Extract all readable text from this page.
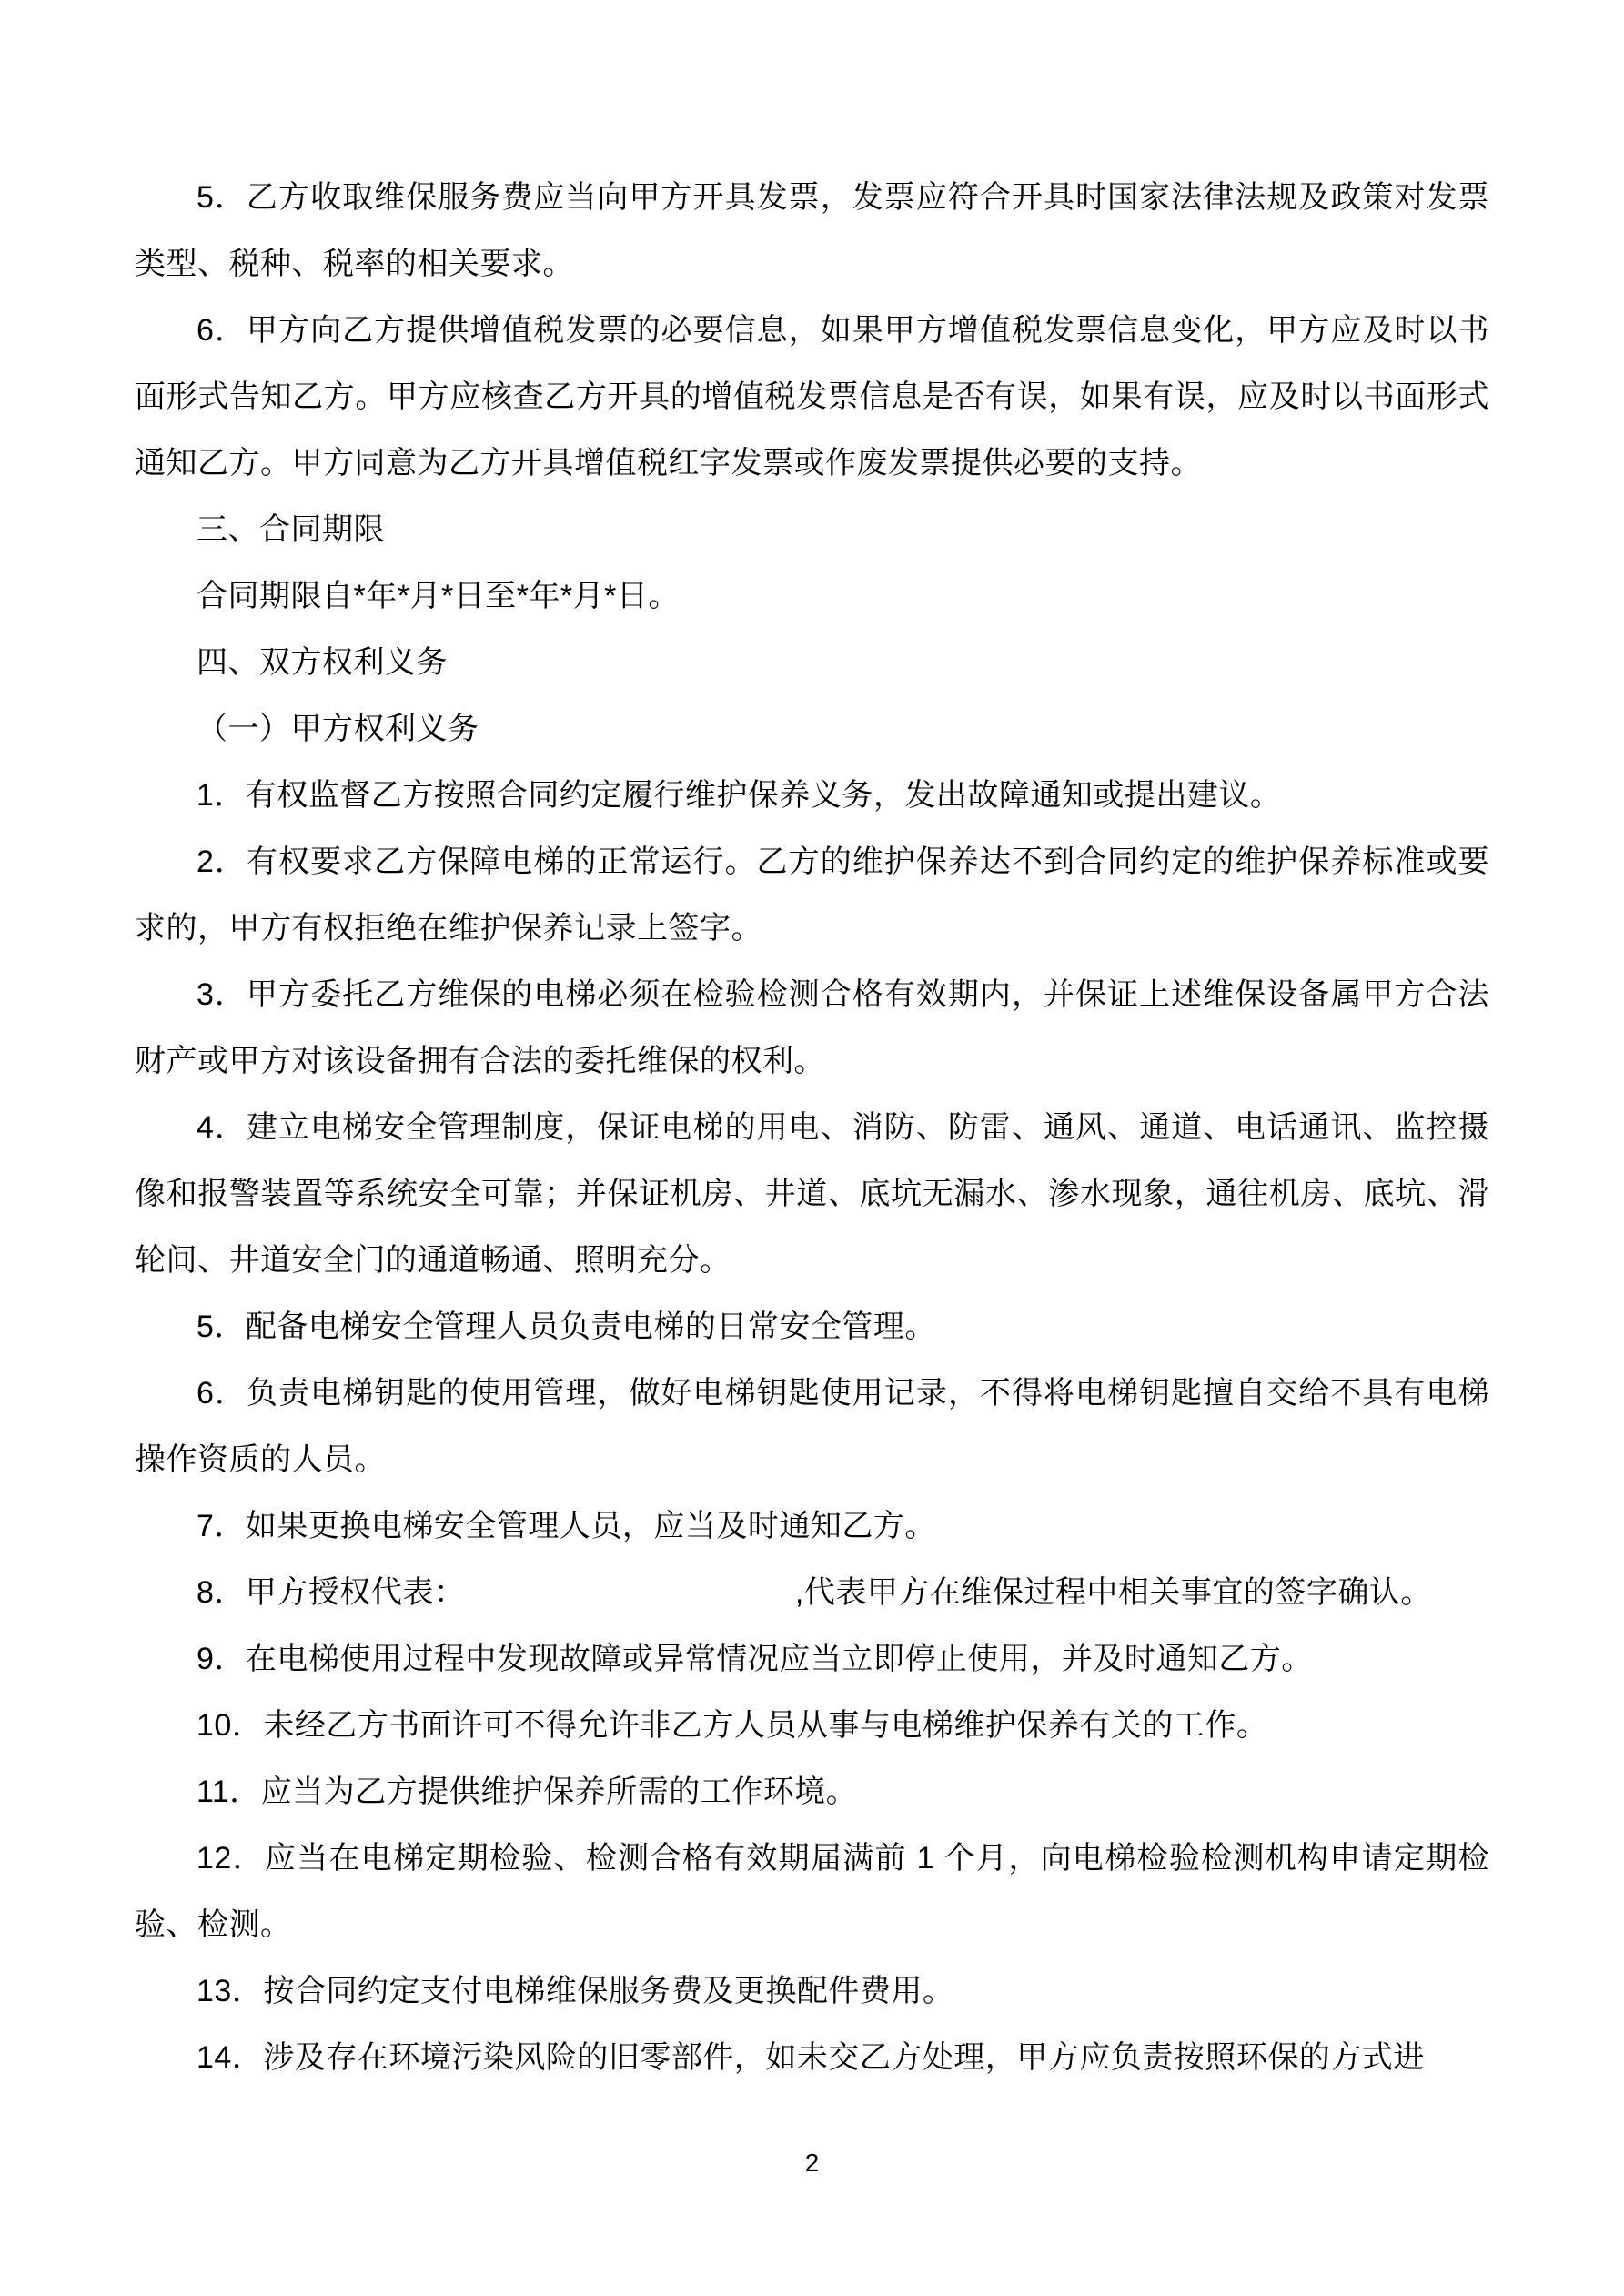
5．乙方收取维保服务费应当向甲方开具发票，发票应符合开具时国家法律法规及政策对发票类型、税种、税率的相关要求。

6．甲方向乙方提供增值税发票的必要信息，如果甲方增值税发票信息变化，甲方应及时以书面形式告知乙方。甲方应核查乙方开具的增值税发票信息是否有误，如果有误，应及时以书面形式通知乙方。甲方同意为乙方开具增值税红字发票或作废发票提供必要的支持。

三、合同期限

合同期限自*年*月*日至*年*月*日。

四、双方权利义务

（一）甲方权利义务

1．有权监督乙方按照合同约定履行维护保养义务，发出故障通知或提出建议。

2．有权要求乙方保障电梯的正常运行。乙方的维护保养达不到合同约定的维护保养标准或要求的，甲方有权拒绝在维护保养记录上签字。

3．甲方委托乙方维保的电梯必须在检验检测合格有效期内，并保证上述维保设备属甲方合法财产或甲方对该设备拥有合法的委托维保的权利。

4．建立电梯安全管理制度，保证电梯的用电、消防、防雷、通风、通道、电话通讯、监控摄像和报警装置等系统安全可靠；并保证机房、井道、底坑无漏水、渗水现象，通往机房、底坑、滑轮间、井道安全门的通道畅通、照明充分。

5．配备电梯安全管理人员负责电梯的日常安全管理。

6．负责电梯钥匙的使用管理，做好电梯钥匙使用记录，不得将电梯钥匙擅自交给不具有电梯操作资质的人员。

7．如果更换电梯安全管理人员，应当及时通知乙方。

8．甲方授权代表：　　　　　　　　　　　,代表甲方在维保过程中相关事宜的签字确认。

9．在电梯使用过程中发现故障或异常情况应当立即停止使用，并及时通知乙方。

10．未经乙方书面许可不得允许非乙方人员从事与电梯维护保养有关的工作。

11．应当为乙方提供维护保养所需的工作环境。

12．应当在电梯定期检验、检测合格有效期届满前 1 个月，向电梯检验检测机构申请定期检验、检测。

13．按合同约定支付电梯维保服务费及更换配件费用。

14．涉及存在环境污染风险的旧零部件，如未交乙方处理，甲方应负责按照环保的方式进

2
